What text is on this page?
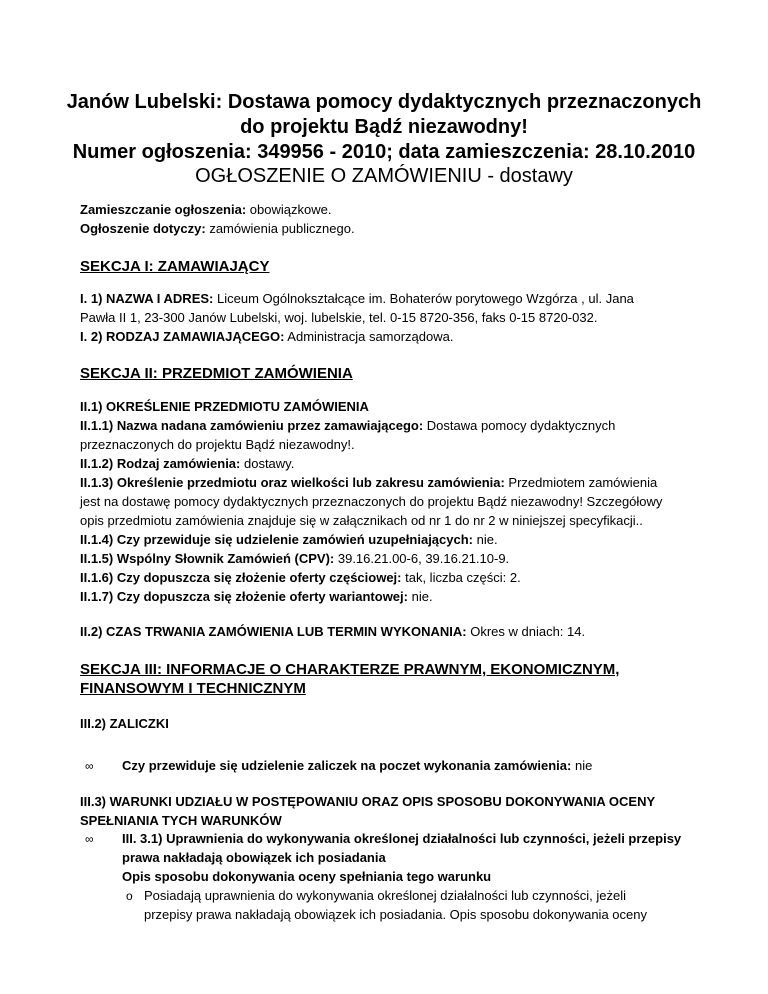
Janów Lubelski: Dostawa pomocy dydaktycznych przeznaczonych
do projektu Bądź niezawodny!
Numer ogłoszenia: 349956 - 2010; data zamieszczenia: 28.10.2010
OGŁOSZENIE O ZAMÓWIENIU - dostawy
Zamieszczanie ogłoszenia: obowiązkowe.
Ogłoszenie dotyczy: zamówienia publicznego.
SEKCJA I: ZAMAWIAJĄCY
I. 1) NAZWA I ADRES: Liceum Ogólnokształcące im. Bohaterów porytowego Wzgórza , ul. Jana
Pawła II 1, 23-300 Janów Lubelski, woj. lubelskie, tel. 0-15 8720-356, faks 0-15 8720-032.
I. 2) RODZAJ ZAMAWIAJĄCEGO: Administracja samorządowa.
SEKCJA II: PRZEDMIOT ZAMÓWIENIA
II.1) OKREŚLENIE PRZEDMIOTU ZAMÓWIENIA
II.1.1) Nazwa nadana zamówieniu przez zamawiającego: Dostawa pomocy dydaktycznych
przeznaczonych do projektu Bądź niezawodny!.
II.1.2) Rodzaj zamówienia: dostawy.
II.1.3) Określenie przedmiotu oraz wielkości lub zakresu zamówienia: Przedmiotem zamówienia
jest na dostawę pomocy dydaktycznych przeznaczonych do projektu Bądź niezawodny! Szczegółowy
opis przedmiotu zamówienia znajduje się w załącznikach od nr 1 do nr 2 w niniejszej specyfikacji..
II.1.4) Czy przewiduje się udzielenie zamówień uzupełniających: nie.
II.1.5) Wspólny Słownik Zamówień (CPV): 39.16.21.00-6, 39.16.21.10-9.
II.1.6) Czy dopuszcza się złożenie oferty częściowej: tak, liczba części: 2.
II.1.7) Czy dopuszcza się złożenie oferty wariantowej: nie.
II.2) CZAS TRWANIA ZAMÓWIENIA LUB TERMIN WYKONANIA: Okres w dniach: 14.
SEKCJA III: INFORMACJE O CHARAKTERZE PRAWNYM, EKONOMICZNYM,
FINANSOWYM I TECHNICZNYM
III.2) ZALICZKI
∞ Czy przewiduje się udzielenie zaliczek na poczet wykonania zamówienia: nie
III.3) WARUNKI UDZIAŁU W POSTĘPOWANIU ORAZ OPIS SPOSOBU DOKONYWANIA OCENY
SPEŁNIANIA TYCH WARUNKÓW
∞ III. 3.1) Uprawnienia do wykonywania określonej działalności lub czynności, jeżeli przepisy
prawa nakładają obowiązek ich posiadania
Opis sposobu dokonywania oceny spełniania tego warunku
o Posiadają uprawnienia do wykonywania określonej działalności lub czynności, jeżeli
przepisy prawa nakładają obowiązek ich posiadania. Opis sposobu dokonywania oceny
